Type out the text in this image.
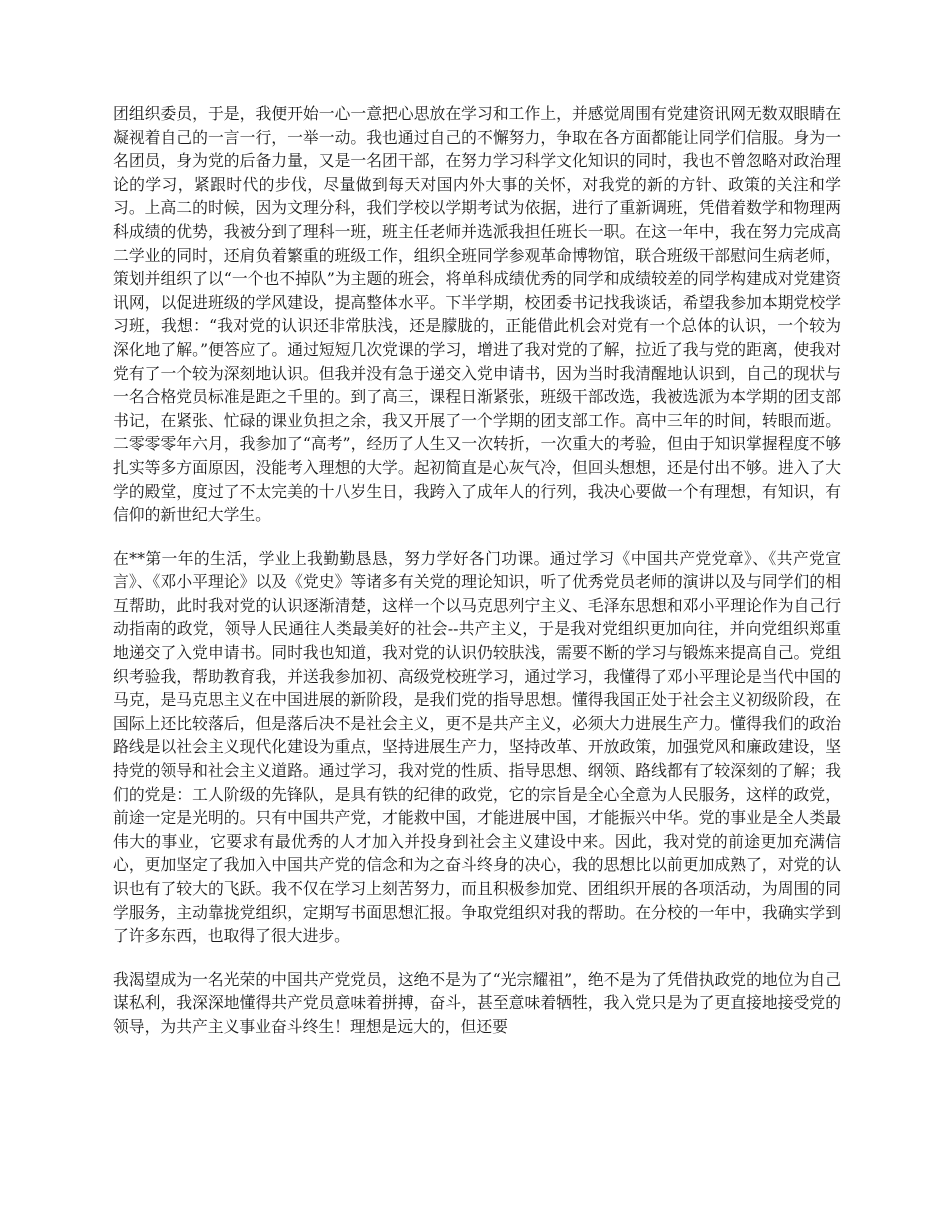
团组织委员，于是，我便开始一心一意把心思放在学习和工作上，并感觉周围有党建资讯网无数双眼睛在凝视着自己的一言一行，一举一动。我也通过自己的不懈努力，争取在各方面都能让同学们信服。身为一名团员，身为党的后备力量，又是一名团干部，在努力学习科学文化知识的同时，我也不曾忽略对政治理论的学习，紧跟时代的步伐，尽量做到每天对国内外大事的关怀，对我党的新的方针、政策的关注和学习。上高二的时候，因为文理分科，我们学校以学期考试为依据，进行了重新调班，凭借着数学和物理两科成绩的优势，我被分到了理科一班，班主任老师并选派我担任班长一职。在这一年中，我在努力完成高二学业的同时，还肩负着繁重的班级工作，组织全班同学参观革命博物馆，联合班级干部慰问生病老师，策划并组织了以“一个也不掉队”为主题的班会，将单科成绩优秀的同学和成绩较差的同学构建成对党建资讯网，以促进班级的学风建设，提高整体水平。下半学期，校团委书记找我谈话，希望我参加本期党校学习班，我想：“我对党的认识还非常肤浅，还是朦胧的，正能借此机会对党有一个总体的认识，一个较为深化地了解。”便答应了。通过短短几次党课的学习，增进了我对党的了解，拉近了我与党的距离，使我对党有了一个较为深刻地认识。但我并没有急于递交入党申请书，因为当时我清醒地认识到，自己的现状与一名合格党员标准是距之千里的。到了高三，课程日渐紧张，班级干部改选，我被选派为本学期的团支部书记，在紧张、忙碌的课业负担之余，我又开展了一个学期的团支部工作。高中三年的时间，转眼而逝。二零零零年六月，我参加了“高考”，经历了人生又一次转折，一次重大的考验，但由于知识掌握程度不够扎实等多方面原因，没能考入理想的大学。起初简直是心灰气冷，但回头想想，还是付出不够。进入了大学的殿堂，度过了不太完美的十八岁生日，我跨入了成年人的行列，我决心要做一个有理想，有知识，有信仰的新世纪大学生。

在**第一年的生活，学业上我勤勤恳恳，努力学好各门功课。通过学习《中国共产党党章》、《共产党宣言》、《邓小平理论》以及《党史》等诸多有关党的理论知识，听了优秀党员老师的演讲以及与同学们的相互帮助，此时我对党的认识逐渐清楚，这样一个以马克思列宁主义、毛泽东思想和邓小平理论作为自己行动指南的政党，领导人民通往人类最美好的社会--共产主义，于是我对党组织更加向往，并向党组织郑重地递交了入党申请书。同时我也知道，我对党的认识仍较肤浅，需要不断的学习与锻炼来提高自己。党组织考验我，帮助教育我，并送我参加初、高级党校班学习，通过学习，我懂得了邓小平理论是当代中国的马克，是马克思主义在中国进展的新阶段，是我们党的指导思想。懂得我国正处于社会主义初级阶段，在国际上还比较落后，但是落后决不是社会主义，更不是共产主义，必须大力进展生产力。懂得我们的政治路线是以社会主义现代化建设为重点，坚持进展生产力，坚持改革、开放政策，加强党风和廉政建设，坚持党的领导和社会主义道路。通过学习，我对党的性质、指导思想、纲领、路线都有了较深刻的了解；我们的党是：工人阶级的先锋队，是具有铁的纪律的政党，它的宗旨是全心全意为人民服务，这样的政党，前途一定是光明的。只有中国共产党，才能救中国，才能进展中国，才能振兴中华。党的事业是全人类最伟大的事业，它要求有最优秀的人才加入并投身到社会主义建设中来。因此，我对党的前途更加充满信心，更加坚定了我加入中国共产党的信念和为之奋斗终身的决心，我的思想比以前更加成熟了，对党的认识也有了较大的飞跃。我不仅在学习上刻苦努力，而且积极参加党、团组织开展的各项活动，为周围的同学服务，主动靠拢党组织，定期写书面思想汇报。争取党组织对我的帮助。在分校的一年中，我确实学到了许多东西，也取得了很大进步。

我渴望成为一名光荣的中国共产党党员，这绝不是为了“光宗耀祖”，绝不是为了凭借执政党的地位为自己谋私利，我深深地懂得共产党员意味着拼搏，奋斗，甚至意味着牺牲，我入党只是为了更直接地接受党的领导，为共产主义事业奋斗终生！理想是远大的，但还要
